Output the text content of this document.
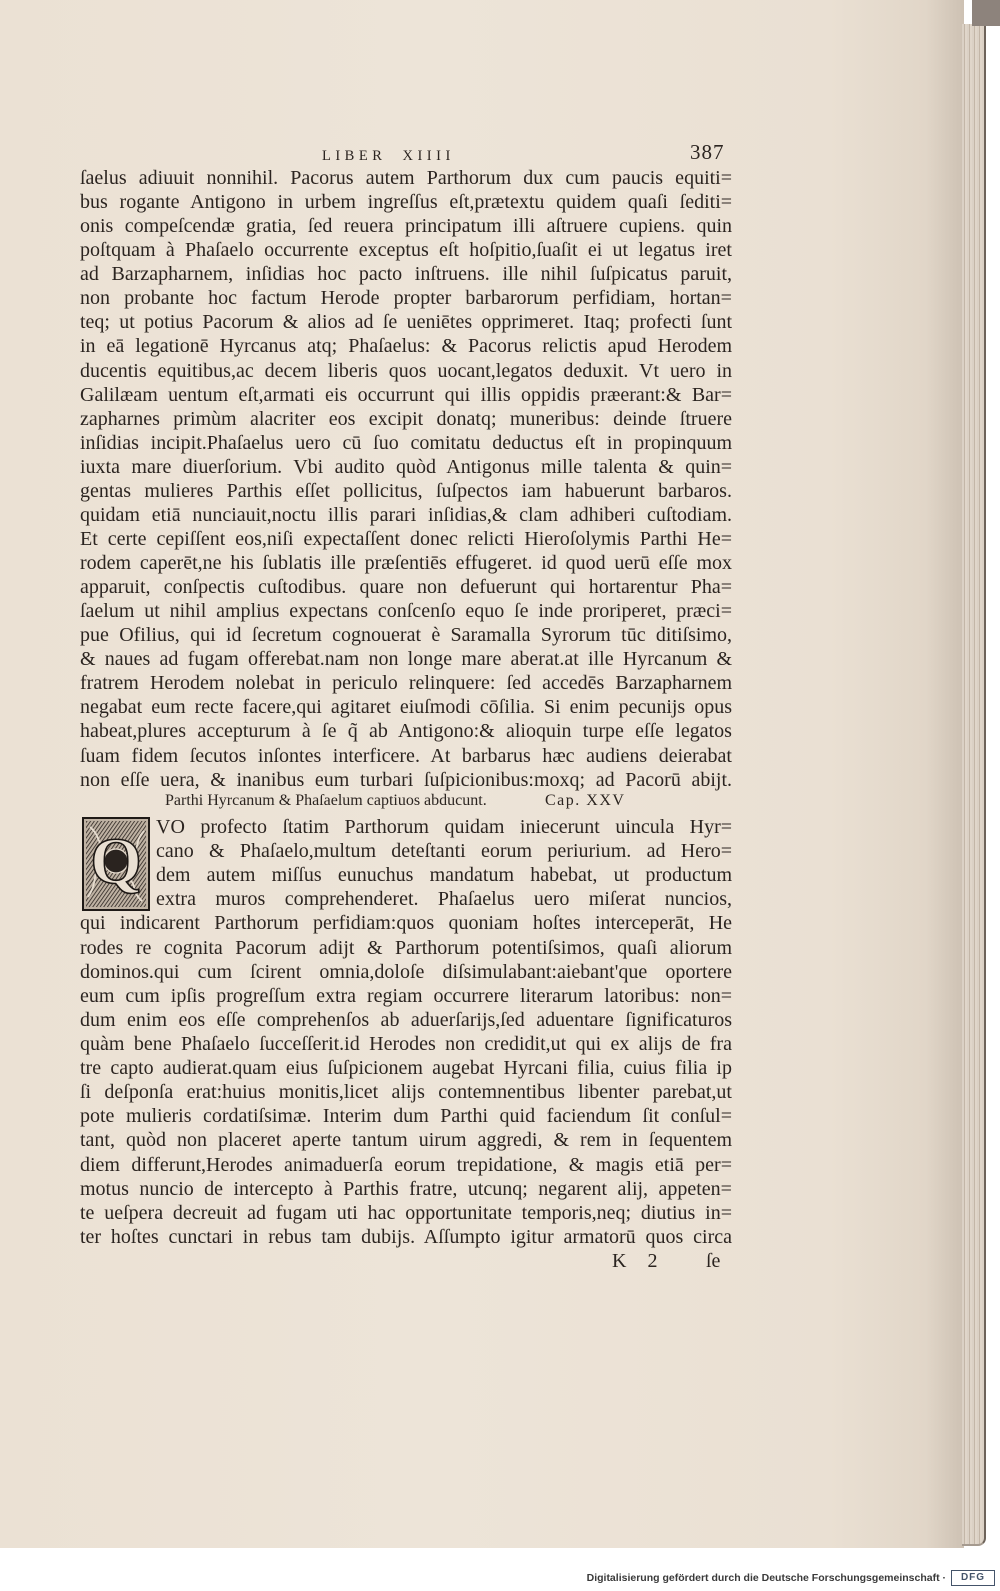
LIBER XIIII	387
ſaelus adiuuit nonnihil. Pacorus autem Parthorum dux cum paucis equiti=
bus rogante Antigono in urbem ingreſſus eſt,prætextu quidem quaſi ſediti=
onis compeſcendæ gratia, ſed reuera principatum illi aſtruere cupiens. quin
poſtquam à Phaſaelo occurrente exceptus eſt hoſpitio,ſuaſit ei ut legatus iret
ad Barzapharnem, inſidias hoc pacto inſtruens. ille nihil ſuſpicatus paruit,
non probante hoc factum Herode propter barbarorum perfidiam, hortan=
teq; ut potius Pacorum & alios ad ſe ueniētes opprimeret. Itaq; profecti ſunt
in eā legationē Hyrcanus atq; Phaſaelus: & Pacorus relictis apud Herodem
ducentis equitibus,ac decem liberis quos uocant,legatos deduxit. Vt uero in
Galilæam uentum eſt,armati eis occurrunt qui illis oppidis præerant:& Bar=
zapharnes primùm alacriter eos excipit donatq; muneribus: deinde ſtruere
inſidias incipit.Phaſaelus uero cū ſuo comitatu deductus eſt in propinquum
iuxta mare diuerſorium. Vbi audito quòd Antigonus mille talenta & quin=
gentas mulieres Parthis eſſet pollicitus, ſuſpectos iam habuerunt barbaros.
quidam etiā nunciauit,noctu illis parari inſidias,& clam adhiberi cuſtodiam.
Et certe cepiſſent eos,niſi expectaſſent donec relicti Hieroſolymis Parthi He=
rodem caperēt,ne his ſublatis ille præſentiēs effugeret. id quod uerū eſſe mox
apparuit, conſpectis cuſtodibus. quare non defuerunt qui hortarentur Pha=
ſaelum ut nihil amplius expectans conſcenſo equo ſe inde proriperet, præci=
pue Ofilius, qui id ſecretum cognouerat è Saramalla Syrorum tūc ditiſsimo,
& naues ad fugam offerebat.nam non longe mare aberat.at ille Hyrcanum &
fratrem Herodem nolebat in periculo relinquere: ſed accedēs Barzapharnem
negabat eum recte facere,qui agitaret eiuſmodi cōſilia. Si enim pecunijs opus
habeat,plures accepturum à ſe q̃ ab Antigono:& alioquin turpe eſſe legatos
ſuam fidem ſecutos inſontes interficere. At barbarus hæc audiens deierabat
non eſſe uera, & inanibus eum turbari ſuſpicionibus:moxq; ad Pacorū abijt.
Parthi Hyrcanum & Phaſaelum captiuos abducunt.	Cap. XXV
Q VO profecto ſtatim Parthorum quidam iniecerunt uincula Hyr=
cano & Phaſaelo,multum deteſtanti eorum periurium. ad Hero=
dem autem miſſus eunuchus mandatum habebat, ut productum
extra muros comprehenderet. Phaſaelus uero miſerat nuncios,
qui indicarent Parthorum perfidiam:quos quoniam hoſtes interceperāt, He
rodes re cognita Pacorum adijt & Parthorum potentiſsimos, quaſi aliorum
dominos.qui cum ſcirent omnia,doloſe diſsimulabant:aiebant'que oportere
eum cum ipſis progreſſum extra regiam occurrere literarum latoribus: non=
dum enim eos eſſe comprehenſos ab aduerſarijs,ſed aduentare ſignificaturos
quàm bene Phaſaelo ſucceſſerit.id Herodes non credidit,ut qui ex alijs de fra
tre capto audierat.quam eius ſuſpicionem augebat Hyrcani filia, cuius filia ip
ſi deſponſa erat:huius monitis,licet alijs contemnentibus libenter parebat,ut
pote mulieris cordatiſsimæ. Interim dum Parthi quid faciendum ſit conſul=
tant, quòd non placeret aperte tantum uirum aggredi, & rem in ſequentem
diem differunt,Herodes animaduerſa eorum trepidatione, & magis etiā per=
motus nuncio de intercepto à Parthis fratre, utcunq; negarent alij, appeten=
te ueſpera decreuit ad fugam uti hac opportunitate temporis,neq; diutius in=
ter hoſtes cunctari in rebus tam dubijs. Aſſumpto igitur armatorū quos circa
K 2 ſe
Digitalisierung gefördert durch die Deutsche Forschungsgemeinschaft ·	DFG
